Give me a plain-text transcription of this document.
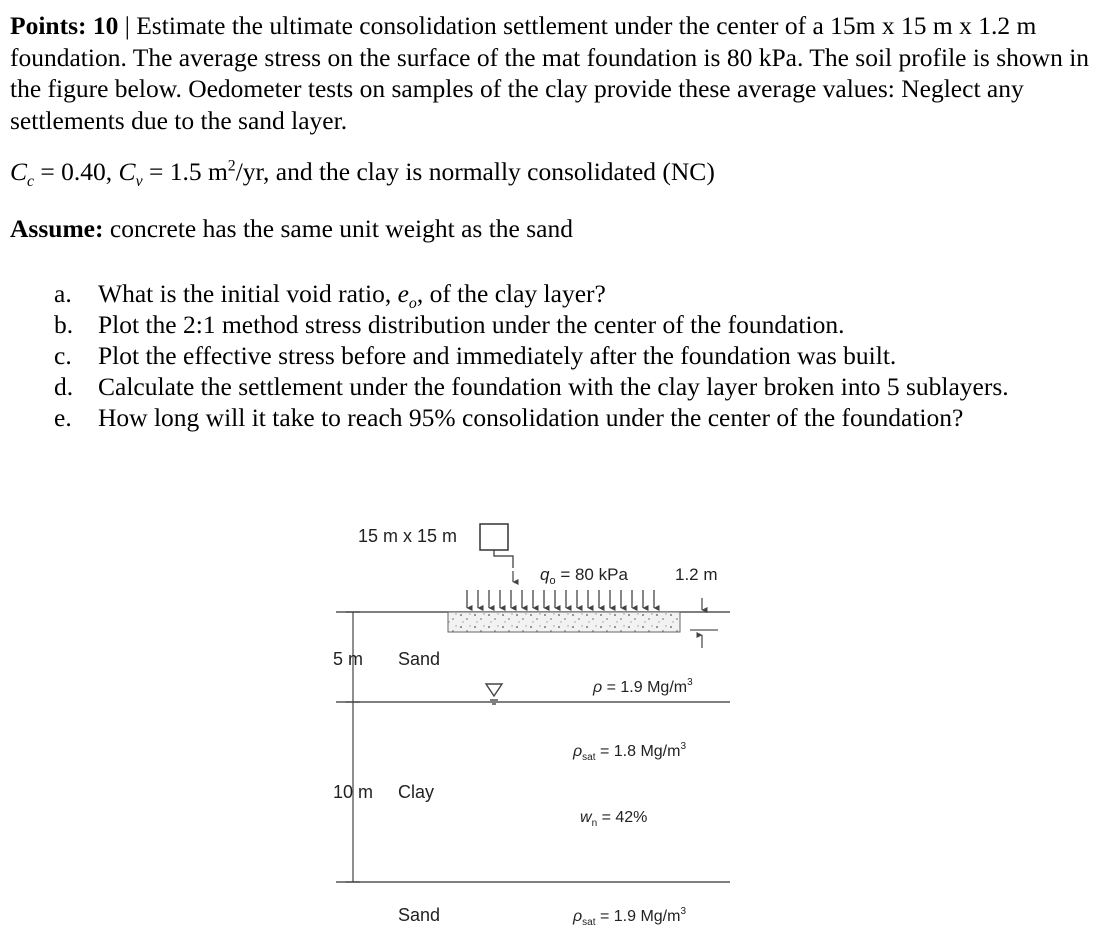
Points: 10 | Estimate the ultimate consolidation settlement under the center of a 15m x 15 m x 1.2 m foundation. The average stress on the surface of the mat foundation is 80 kPa. The soil profile is shown in the figure below. Oedometer tests on samples of the clay provide these average values: Neglect any settlements due to the sand layer.

$C_c = 0.40$, $C_v = 1.5$ $m^2/yr$, and the clay is normally consolidated (NC)

Assume: concrete has the same unit weight as the sand

a. What is the initial void ratio, $e_o$, of the clay layer?
b. Plot the 2:1 method stress distribution under the center of the foundation.
c. Plot the effective stress before and immediately after the foundation was built.
d. Calculate the settlement under the foundation with the clay layer broken into 5 sublayers.
e. How long will it take to reach 95% consolidation under the center of the foundation?
15 m x 15 m
$q_o = 80$ kPa	1.2 m
5 m Sand
ρ = 1.9 $Mg/m^3$
10 m Clay
$\rho_{sat} = 1.8$ $Mg/m^3$
$w_n = 42\%$
Sand	$\rho_{sat} = 1.9$ $Mg/m^3$
